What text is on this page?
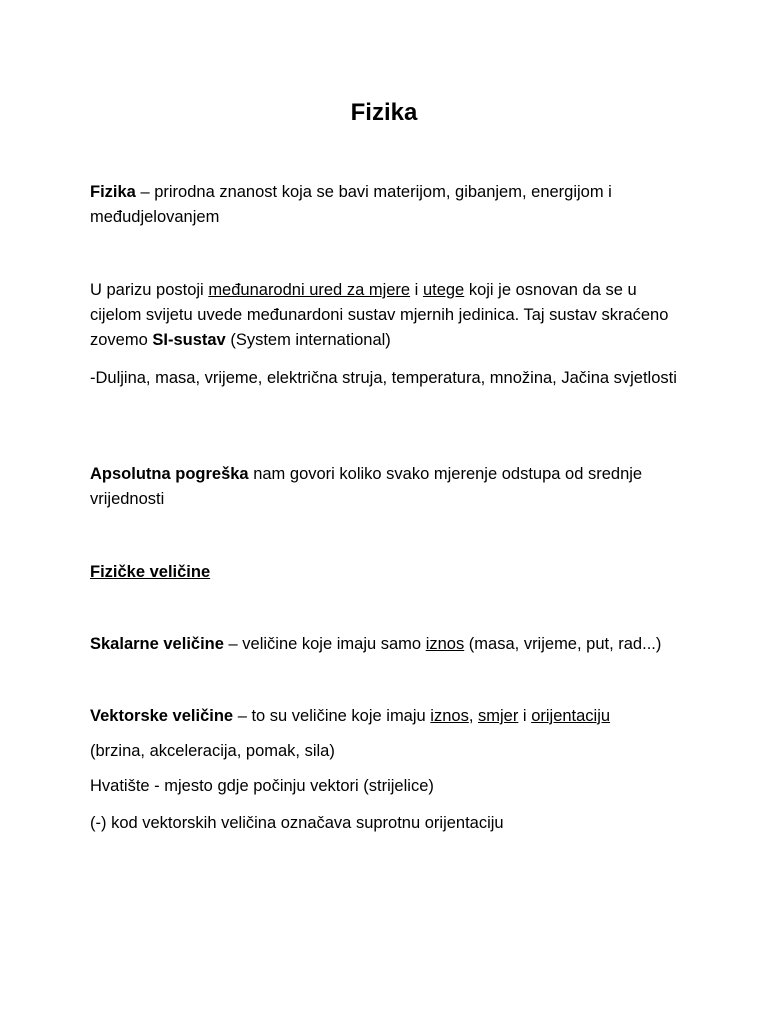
Fizika
Fizika – prirodna znanost koja se bavi materijom, gibanjem, energijom i međudjelovanjem
U parizu postoji međunarodni ured za mjere i utege koji je osnovan da se u cijelom svijetu uvede međunardoni sustav mjernih jedinica. Taj sustav skraćeno zovemo SI-sustav (System international)
-Duljina, masa, vrijeme, električna struja, temperatura, množina, Jačina svjetlosti
Apsolutna pogreška nam govori koliko svako mjerenje odstupa od srednje vrijednosti
Fizičke veličine
Skalarne veličine – veličine koje imaju samo iznos (masa, vrijeme, put, rad...)
Vektorske veličine – to su veličine koje imaju iznos, smjer i orijentaciju
(brzina, akceleracija, pomak, sila)
Hvatište - mjesto gdje počinju vektori (strijelice)
(-) kod vektorskih veličina označava suprotnu orijentaciju
